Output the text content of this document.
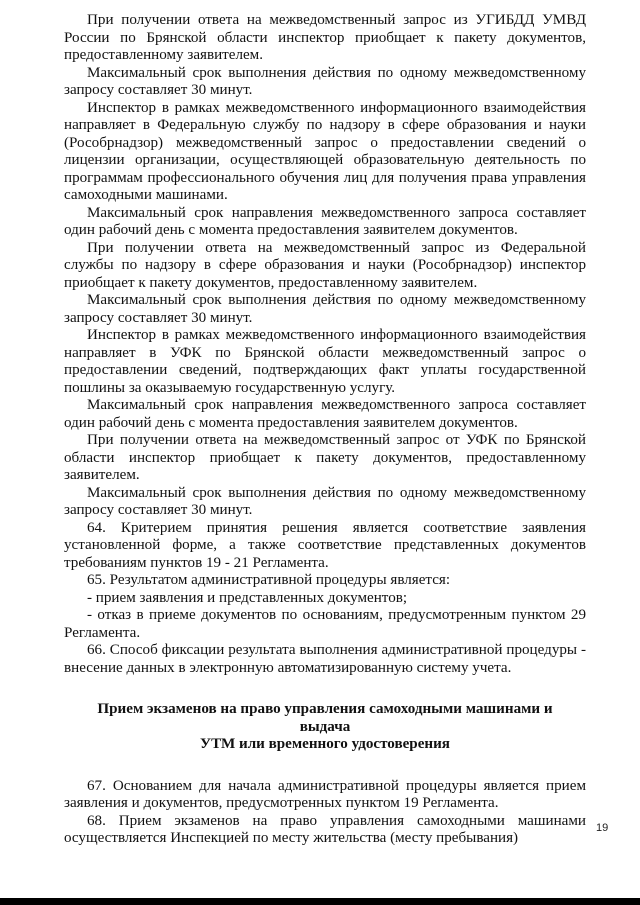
При получении ответа на межведомственный запрос из УГИБДД УМВД России по Брянской области инспектор приобщает к пакету документов, предоставленному заявителем.

Максимальный срок выполнения действия по одному межведомственному запросу составляет 30 минут.

Инспектор в рамках межведомственного информационного взаимодействия направляет в Федеральную службу по надзору в сфере образования и науки (Рособрнадзор) межведомственный запрос о предоставлении сведений о лицензии организации, осуществляющей образовательную деятельность по программам профессионального обучения лиц для получения права управления самоходными машинами.

Максимальный срок направления межведомственного запроса составляет один рабочий день с момента предоставления заявителем документов.

При получении ответа на межведомственный запрос из Федеральной службы по надзору в сфере образования и науки (Рособрнадзор) инспектор приобщает к пакету документов, предоставленному заявителем.

Максимальный срок выполнения действия по одному межведомственному запросу составляет 30 минут.

Инспектор в рамках межведомственного информационного взаимодействия направляет в УФК по Брянской области межведомственный запрос о предоставлении сведений, подтверждающих факт уплаты государственной пошлины за оказываемую государственную услугу.

Максимальный срок направления межведомственного запроса составляет один рабочий день с момента предоставления заявителем документов.

При получении ответа на межведомственный запрос от УФК по Брянской области инспектор приобщает к пакету документов, предоставленному заявителем.

Максимальный срок выполнения действия по одному межведомственному запросу составляет 30 минут.

64. Критерием принятия решения является соответствие заявления установленной форме, а также соответствие представленных документов требованиям пунктов 19 - 21 Регламента.

65. Результатом административной процедуры является:

- прием заявления и представленных документов;

- отказ в приеме документов по основаниям, предусмотренным пунктом 29 Регламента.

66. Способ фиксации результата выполнения административной процедуры - внесение данных в электронную автоматизированную систему учета.

Прием экзаменов на право управления самоходными машинами и

выдача

УТМ или временного удостоверения

67. Основанием для начала административной процедуры является прием заявления и документов, предусмотренных пунктом 19 Регламента.

68. Прием экзаменов на право управления самоходными машинами осуществляется Инспекцией по месту жительства (месту пребывания)

19
